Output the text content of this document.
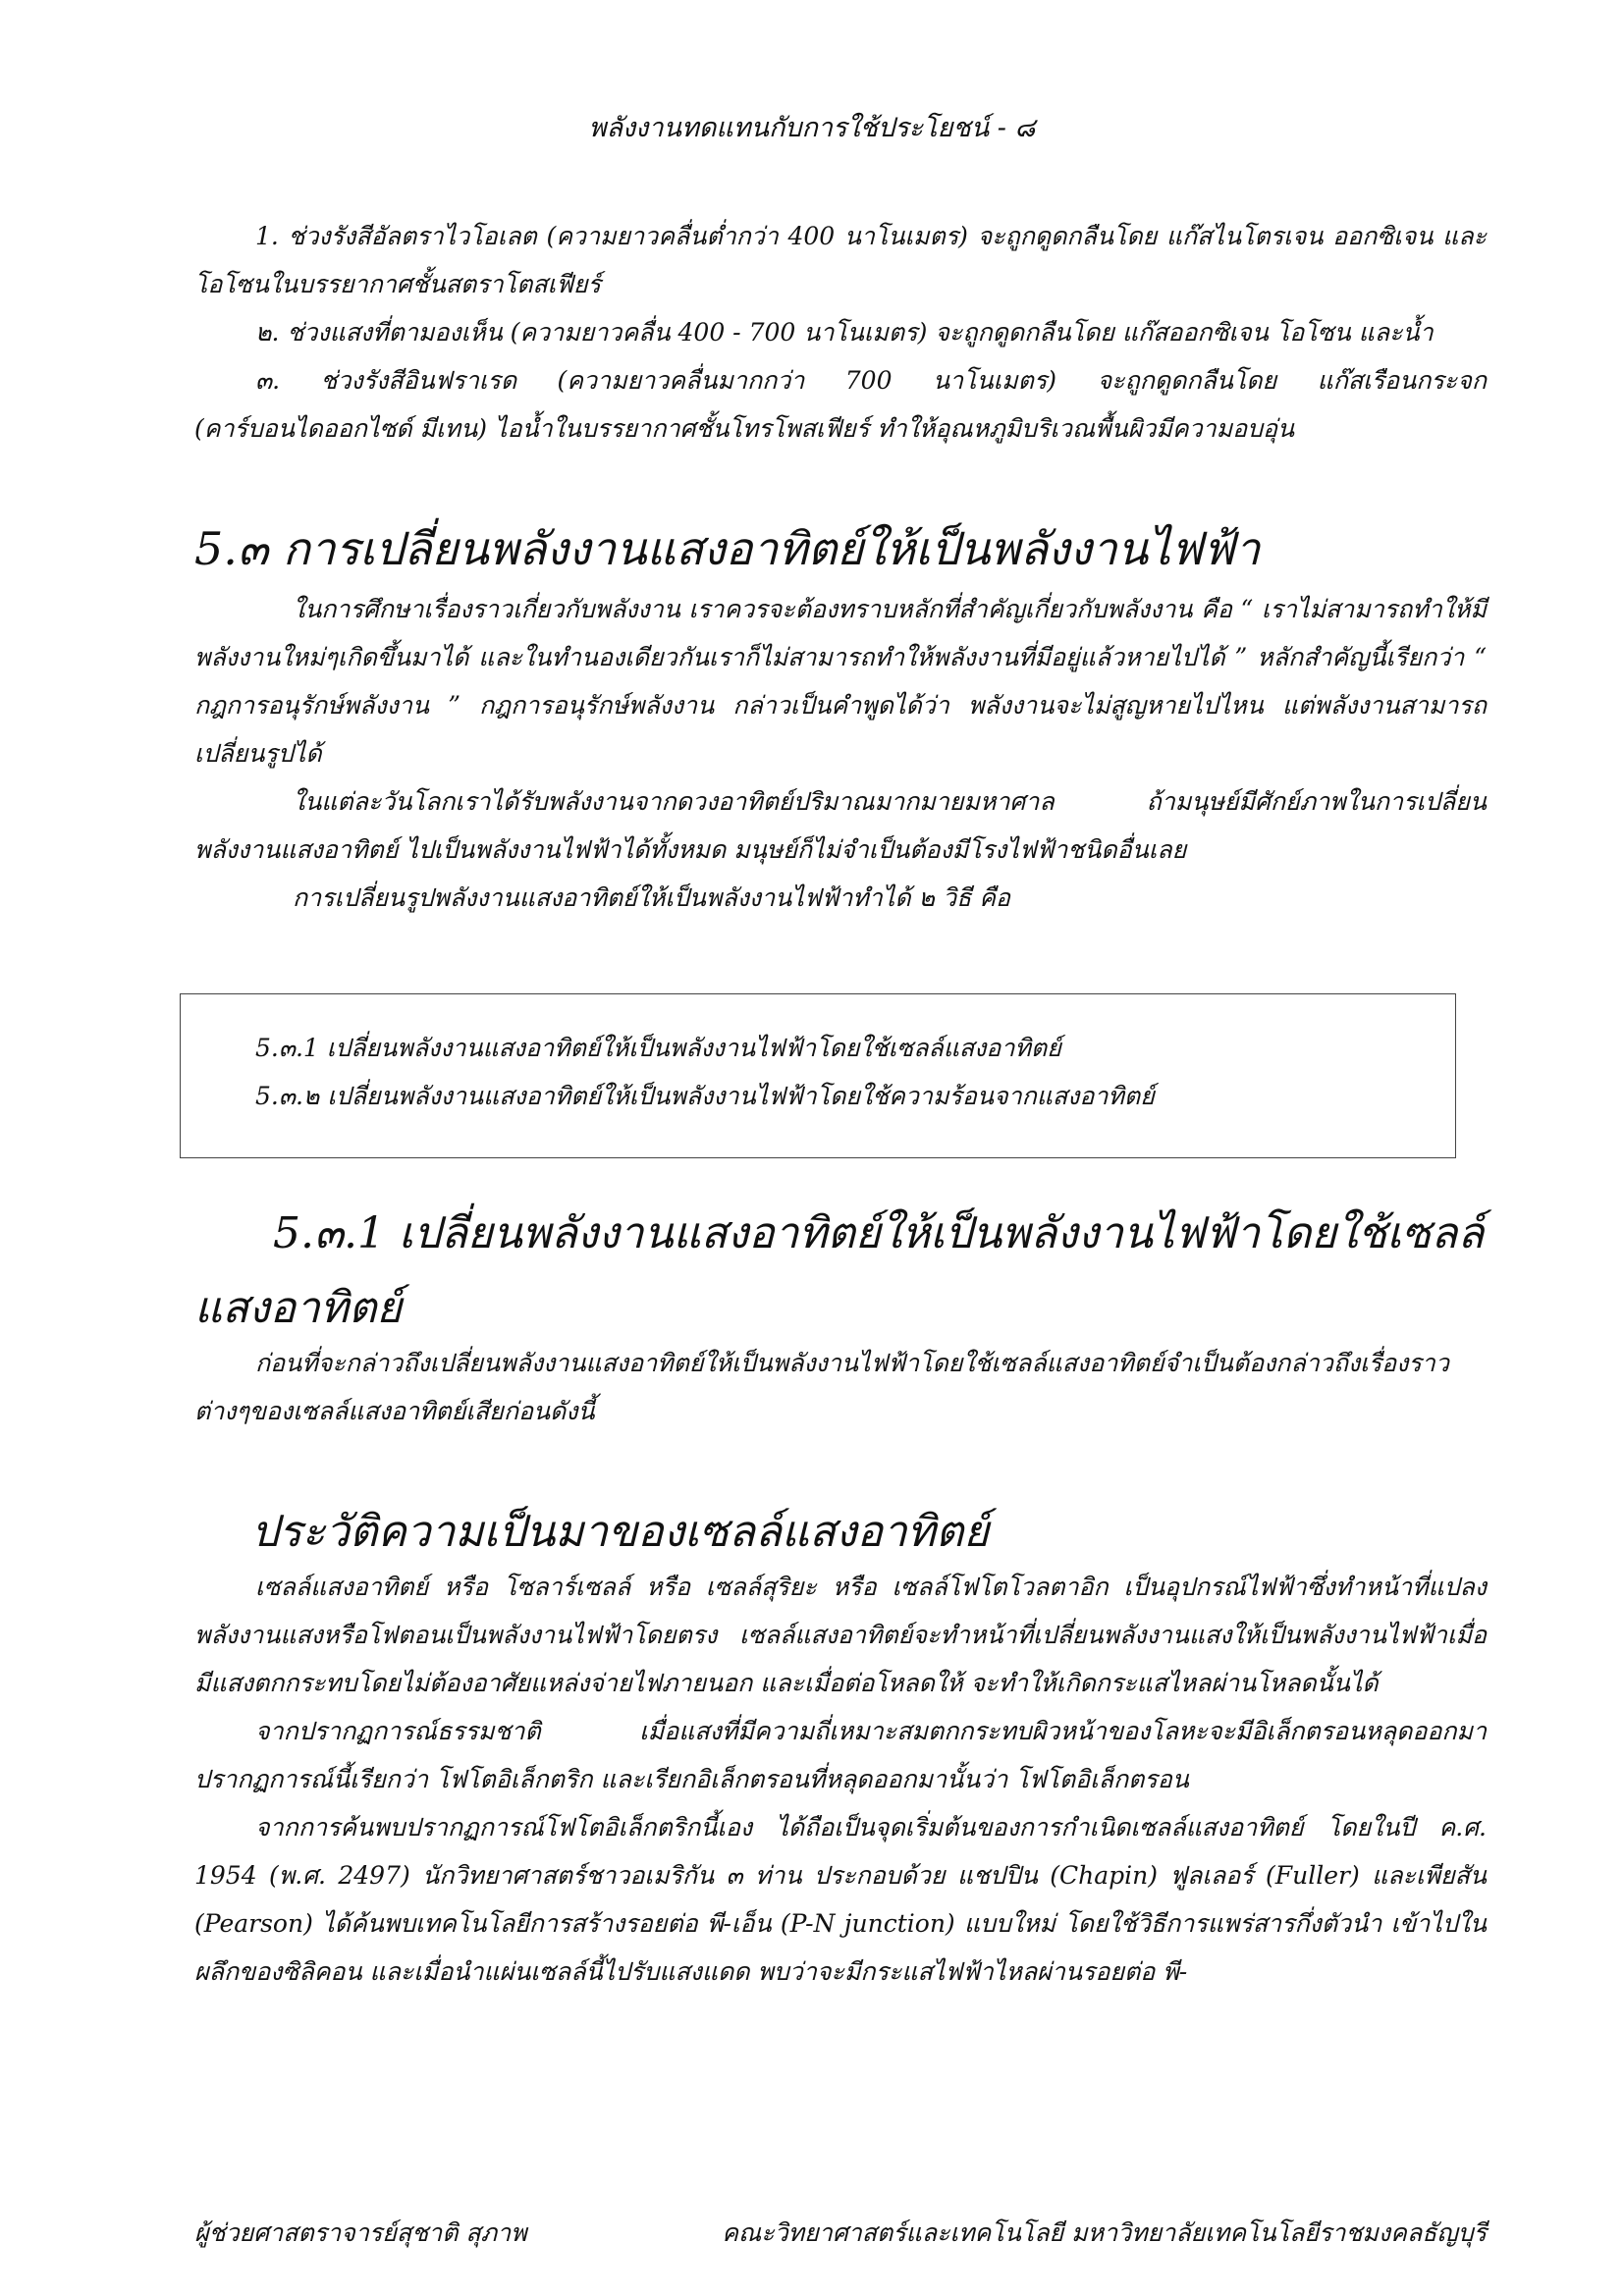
พลังงานทดแทนกับการใช้ประโยชน์ - ๘

1. ช่วงรังสีอัลตราไวโอเลต (ความยาวคลื่นต่ำกว่า 400 นาโนเมตร) จะถูกดูดกลืนโดย แก๊สไนโตรเจน ออกซิเจน และโอโซนในบรรยากาศชั้นสตราโตสเฟียร์

๒. ช่วงแสงที่ตามองเห็น (ความยาวคลื่น 400 - 700 นาโนเมตร) จะถูกดูดกลืนโดย แก๊สออกซิเจน โอโซน และน้ำ

๓. ช่วงรังสีอินฟราเรด (ความยาวคลื่นมากกว่า 700 นาโนเมตร) จะถูกดูดกลืนโดย แก๊สเรือนกระจก (คาร์บอนไดออกไซด์ มีเทน) ไอน้ำในบรรยากาศชั้นโทรโพสเฟียร์ ทำให้อุณหภูมิบริเวณพื้นผิวมีความอบอุ่น

5.๓ การเปลี่ยนพลังงานแสงอาทิตย์ให้เป็นพลังงานไฟฟ้า

ในการศึกษาเรื่องราวเกี่ยวกับพลังงาน เราควรจะต้องทราบหลักที่สำคัญเกี่ยวกับพลังงาน คือ “ เราไม่สามารถทำให้มีพลังงานใหม่ๆเกิดขึ้นมาได้ และในทำนองเดียวกันเราก็ไม่สามารถทำให้พลังงานที่มีอยู่แล้วหายไปได้ ” หลักสำคัญนี้เรียกว่า “ กฎการอนุรักษ์พลังงาน ” กฎการอนุรักษ์พลังงาน กล่าวเป็นคำพูดได้ว่า พลังงานจะไม่สูญหายไปไหน แต่พลังงานสามารถเปลี่ยนรูปได้

ในแต่ละวันโลกเราได้รับพลังงานจากดวงอาทิตย์ปริมาณมากมายมหาศาล ถ้ามนุษย์มีศักย์ภาพในการเปลี่ยนพลังงานแสงอาทิตย์ ไปเป็นพลังงานไฟฟ้าได้ทั้งหมด มนุษย์ก็ไม่จำเป็นต้องมีโรงไฟฟ้าชนิดอื่นเลย

การเปลี่ยนรูปพลังงานแสงอาทิตย์ให้เป็นพลังงานไฟฟ้าทำได้ ๒ วิธี คือ

5.๓.1 เปลี่ยนพลังงานแสงอาทิตย์ให้เป็นพลังงานไฟฟ้าโดยใช้เซลล์แสงอาทิตย์

5.๓.๒ เปลี่ยนพลังงานแสงอาทิตย์ให้เป็นพลังงานไฟฟ้าโดยใช้ความร้อนจากแสงอาทิตย์

5.๓.1 เปลี่ยนพลังงานแสงอาทิตย์ให้เป็นพลังงานไฟฟ้าโดยใช้เซลล์
แสงอาทิตย์

ก่อนที่จะกล่าวถึงเปลี่ยนพลังงานแสงอาทิตย์ให้เป็นพลังงานไฟฟ้าโดยใช้เซลล์แสงอาทิตย์จำเป็นต้องกล่าวถึงเรื่องราวต่างๆของเซลล์แสงอาทิตย์เสียก่อนดังนี้

ประวัติความเป็นมาของเซลล์แสงอาทิตย์

เซลล์แสงอาทิตย์ หรือ โซลาร์เซลล์ หรือ เซลล์สุริยะ หรือ เซลล์โฟโตโวลตาอิก เป็นอุปกรณ์ไฟฟ้าซึ่งทำหน้าที่แปลงพลังงานแสงหรือโฟตอนเป็นพลังงานไฟฟ้าโดยตรง เซลล์แสงอาทิตย์จะทำหน้าที่เปลี่ยนพลังงานแสงให้เป็นพลังงานไฟฟ้าเมื่อมีแสงตกกระทบโดยไม่ต้องอาศัยแหล่งจ่ายไฟภายนอก และเมื่อต่อโหลดให้ จะทำให้เกิดกระแสไหลผ่านโหลดนั้นได้

จากปรากฏการณ์ธรรมชาติ เมื่อแสงที่มีความถี่เหมาะสมตกกระทบผิวหน้าของโลหะจะมีอิเล็กตรอนหลุดออกมา ปรากฏการณ์นี้เรียกว่า โฟโตอิเล็กตริก และเรียกอิเล็กตรอนที่หลุดออกมานั้นว่า โฟโตอิเล็กตรอน

จากการค้นพบปรากฏการณ์โฟโตอิเล็กตริกนี้เอง ได้ถือเป็นจุดเริ่มต้นของการกำเนิดเซลล์แสงอาทิตย์ โดยในปี ค.ศ. 1954 (พ.ศ. 2497) นักวิทยาศาสตร์ชาวอเมริกัน ๓ ท่าน ประกอบด้วย แชปปิน (Chapin) ฟูลเลอร์ (Fuller) และเพียสัน (Pearson) ได้ค้นพบเทคโนโลยีการสร้างรอยต่อ พี-เอ็น (P-N junction) แบบใหม่ โดยใช้วิธีการแพร่สารกึ่งตัวนำ เข้าไปในผลึกของซิลิคอน และเมื่อนำแผ่นเซลล์นี้ไปรับแสงแดด พบว่าจะมีกระแสไฟฟ้าไหลผ่านรอยต่อ พี-

ผู้ช่วยศาสตราจารย์สุชาติ สุภาพ	คณะวิทยาศาสตร์และเทคโนโลยี มหาวิทยาลัยเทคโนโลยีราชมงคลธัญบุรี
